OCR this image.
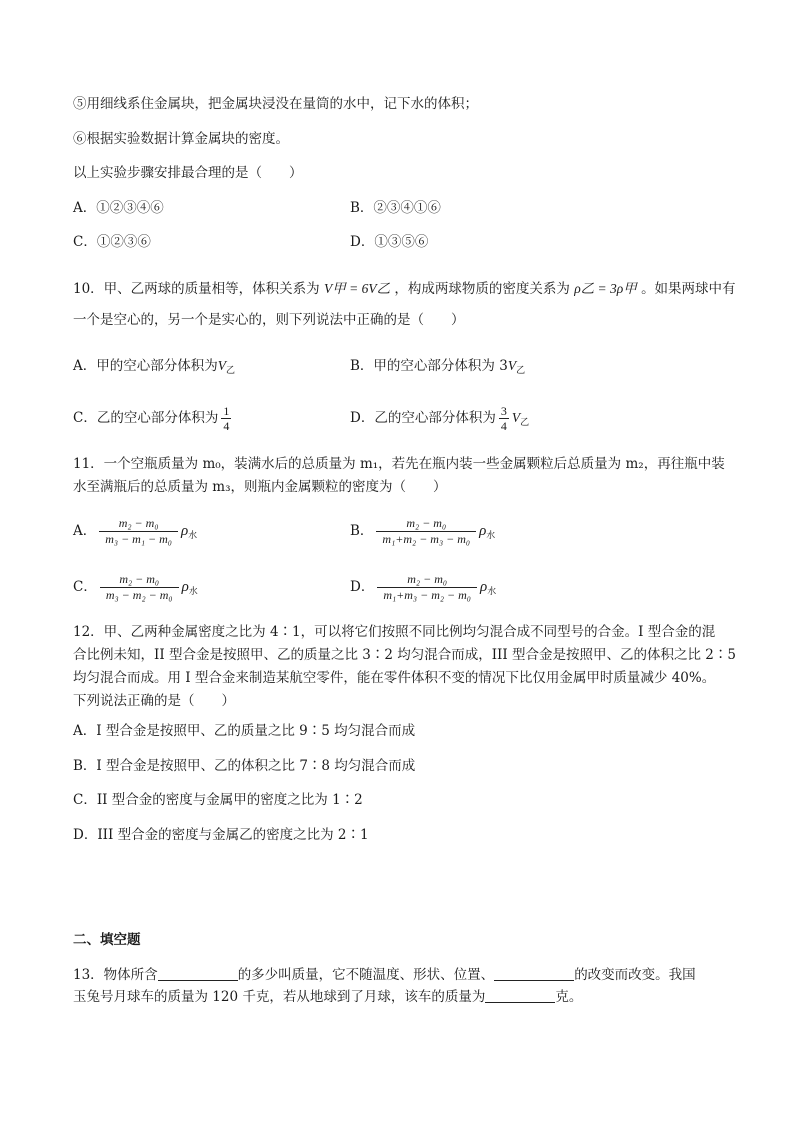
⑤用细线系住金属块，把金属块浸没在量筒的水中，记下水的体积；
⑥根据实验数据计算金属块的密度。
以上实验步骤安排最合理的是（　　）
A．①②③④⑥	B．②③④①⑥
C．①②③⑥	D．①③⑤⑥
10．甲、乙两球的质量相等，体积关系为 V甲 = 6V乙 ，构成两球物质的密度关系为 ρ乙 = 3ρ甲 。如果两球中有
一个是空心的，另一个是实心的，则下列说法中正确的是（　　）
A．甲的空心部分体积为$V_乙$	B．甲的空心部分体积为 $3V_乙$
C．乙的空心部分体积为 $\frac{1}{4}$	D．乙的空心部分体积为 $\frac{3}{4} V_乙$
11．一个空瓶质量为 m₀，装满水后的总质量为 m₁，若先在瓶内装一些金属颗粒后总质量为 m₂，再往瓶中装
水至满瓶后的总质量为 m₃，则瓶内金属颗粒的密度为（　　）
A． $\frac{\text{m₂ − m₀}}{\text{m₃ − m₁ − m₀}} \rho_水$	B． $\frac{\text{m₂ − m₀}}{\text{m₁+m₂ − m₃ − m₀}} \rho_水$
C． $\frac{\text{m₂ − m₀}}{\text{m₃ − m₂ − m₀}} \rho_水$	D． $\frac{\text{m₂ − m₀}}{\text{m₁+m₃ − m₂ − m₀}} \rho_水$
12．甲、乙两种金属密度之比为 4∶1，可以将它们按照不同比例均匀混合成不同型号的合金。I 型合金的混
合比例未知，II 型合金是按照甲、乙的质量之比 3∶2 均匀混合而成，III 型合金是按照甲、乙的体积之比 2∶5
均匀混合而成。用 I 型合金来制造某航空零件，能在零件体积不变的情况下比仅用金属甲时质量减少 40%。
下列说法正确的是（　　）
A．I 型合金是按照甲、乙的质量之比 9∶5 均匀混合而成
B．I 型合金是按照甲、乙的体积之比 7∶8 均匀混合而成
C．II 型合金的密度与金属甲的密度之比为 1∶2
D．III 型合金的密度与金属乙的密度之比为 2∶1
二、填空题
13．物体所含	的多少叫质量，它不随温度、形状、位置、	的改变而改变。我国
玉兔号月球车的质量为 120 千克，若从地球到了月球，该车的质量为	克。
